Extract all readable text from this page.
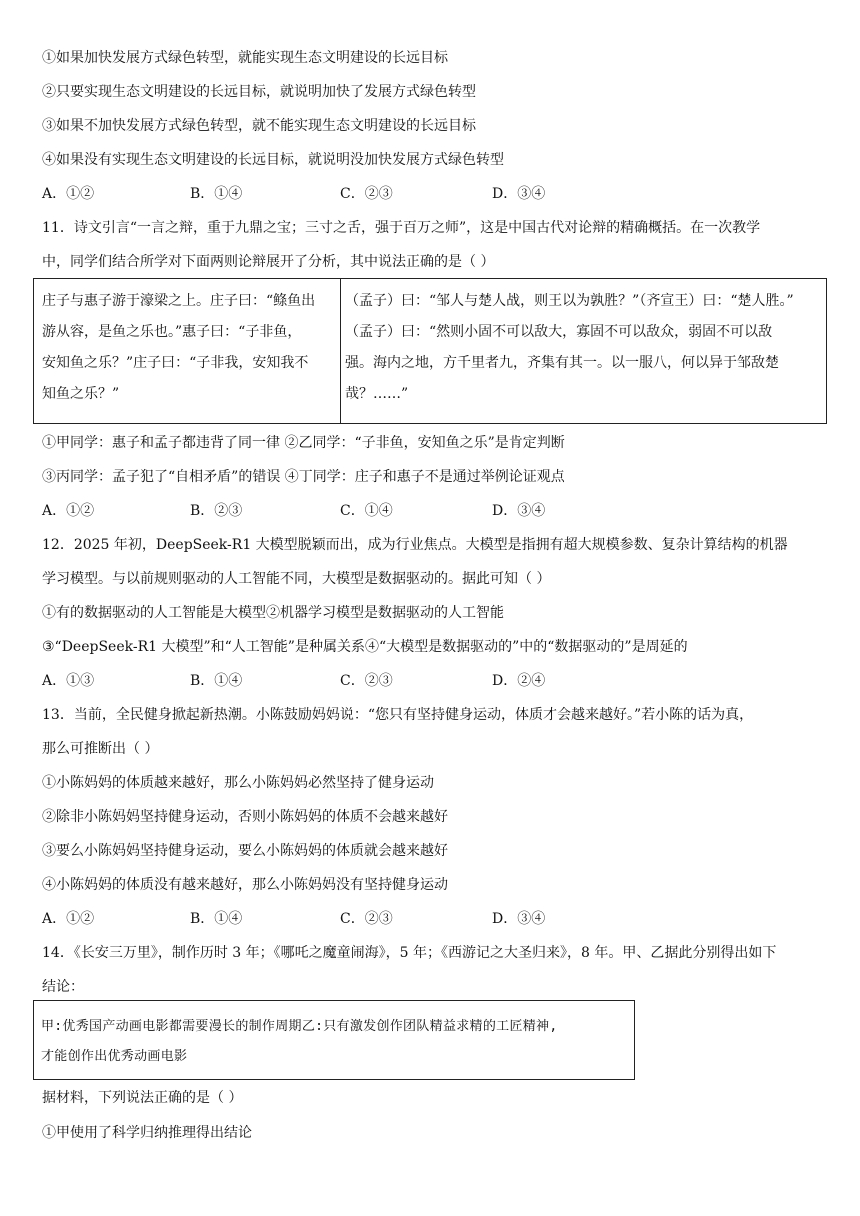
①如果加快发展方式绿色转型，就能实现生态文明建设的长远目标
②只要实现生态文明建设的长远目标，就说明加快了发展方式绿色转型
③如果不加快发展方式绿色转型，就不能实现生态文明建设的长远目标
④如果没有实现生态文明建设的长远目标，就说明没加快发展方式绿色转型
A．①②	B．①④	C．②③	D．③④
11．诗文引言“一言之辩，重于九鼎之宝；三寸之舌，强于百万之师”，这是中国古代对论辩的精确概括。在一次教学
中，同学们结合所学对下面两则论辩展开了分析，其中说法正确的是（ ）
庄子与惠子游于濠梁之上。庄子曰：“鲦鱼出
游从容，是鱼之乐也。”惠子曰：“子非鱼，
安知鱼之乐？”庄子曰：“子非我，安知我不
知鱼之乐？”
（孟子）曰：“邹人与楚人战，则王以为孰胜？”（齐宣王）曰：“楚人胜。”
（孟子）曰：“然则小固不可以敌大，寡固不可以敌众，弱固不可以敌
强。海内之地，方千里者九，齐集有其一。以一服八，何以异于邹敌楚
哉？……”
①甲同学：惠子和孟子都违背了同一律 ②乙同学：“子非鱼，安知鱼之乐”是肯定判断
③丙同学：孟子犯了“自相矛盾”的错误 ④丁同学：庄子和惠子不是通过举例论证观点
A．①②	B．②③	C．①④	D．③④
12．2025 年初，DeepSeek-R1 大模型脱颖而出，成为行业焦点。大模型是指拥有超大规模参数、复杂计算结构的机器
学习模型。与以前规则驱动的人工智能不同，大模型是数据驱动的。据此可知（ ）
①有的数据驱动的人工智能是大模型②机器学习模型是数据驱动的人工智能
③“DeepSeek-R1 大模型”和“人工智能”是种属关系④“大模型是数据驱动的”中的“数据驱动的”是周延的
A．①③	B．①④	C．②③	D．②④
13．当前，全民健身掀起新热潮。小陈鼓励妈妈说：“您只有坚持健身运动，体质才会越来越好。”若小陈的话为真，
那么可推断出（ ）
①小陈妈妈的体质越来越好，那么小陈妈妈必然坚持了健身运动
②除非小陈妈妈坚持健身运动，否则小陈妈妈的体质不会越来越好
③要么小陈妈妈坚持健身运动，要么小陈妈妈的体质就会越来越好
④小陈妈妈的体质没有越来越好，那么小陈妈妈没有坚持健身运动
A．①②	B．①④	C．②③	D．③④
14．《长安三万里》，制作历时 3 年；《哪吒之魔童闹海》，5 年；《西游记之大圣归来》，8 年。甲、乙据此分别得出如下
结论：
甲:优秀国产动画电影都需要漫长的制作周期乙:只有激发创作团队精益求精的工匠精神,
才能创作出优秀动画电影
据材料，下列说法正确的是（ ）
①甲使用了科学归纳推理得出结论
